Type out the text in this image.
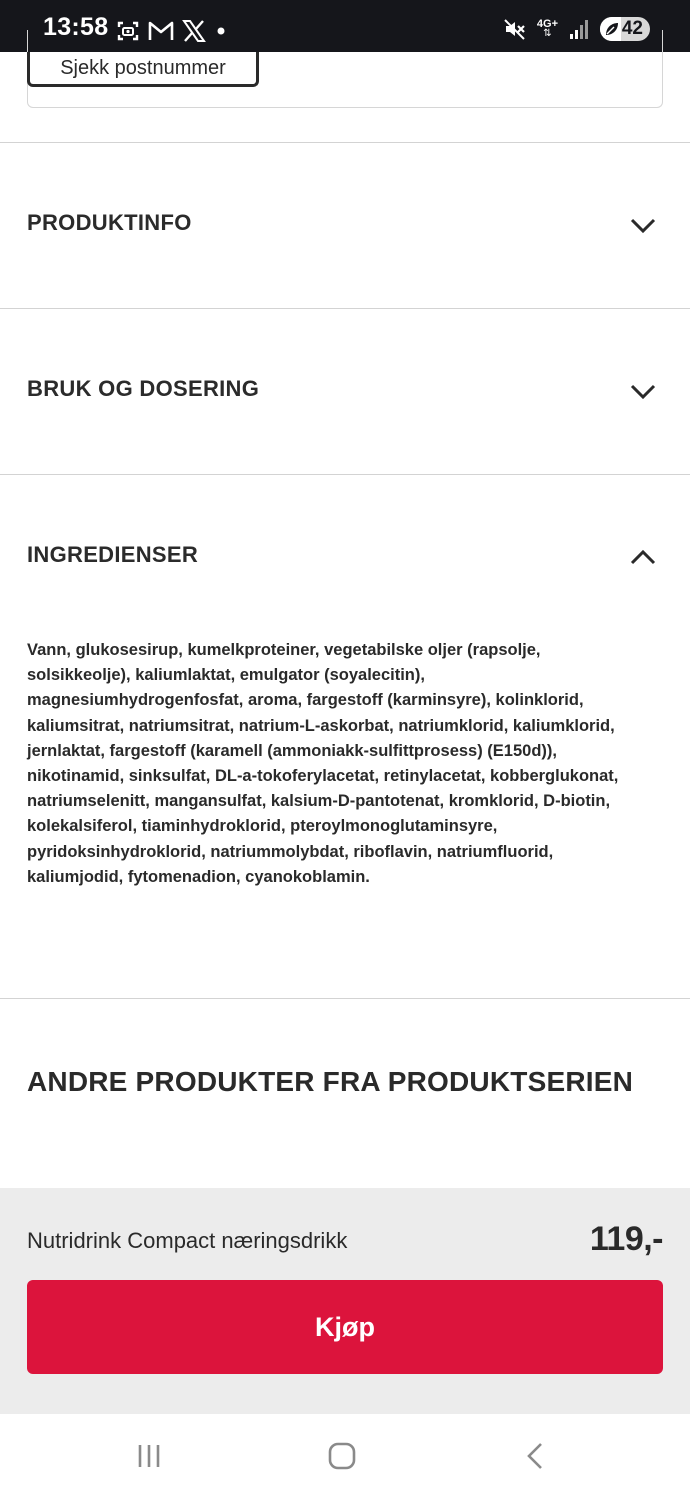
13:58	4G+
⇅	42
Sjekk postnummer
PRODUKTINFO
BRUK OG DOSERING
INGREDIENSER
Vann, glukosesirup, kumelkproteiner, vegetabilske oljer (rapsolje,
solsikkeolje), kaliumlaktat, emulgator (soyalecitin),
magnesiumhydrogenfosfat, aroma, fargestoff (karminsyre), kolinklorid,
kaliumsitrat, natriumsitrat, natrium-L-askorbat, natriumklorid, kaliumklorid,
jernlaktat, fargestoff (karamell (ammoniakk-sulfittprosess) (E150d)),
nikotinamid, sinksulfat, DL-a-tokoferylacetat, retinylacetat, kobberglukonat,
natriumselenitt, mangansulfat, kalsium-D-pantotenat, kromklorid, D-biotin,
kolekalsiferol, tiaminhydroklorid, pteroylmonoglutaminsyre,
pyridoksinhydroklorid, natriummolybdat, riboflavin, natriumfluorid,
kaliumjodid, fytomenadion, cyanokoblamin.
ANDRE PRODUKTER FRA PRODUKTSERIEN
Nutridrink Compact næringsdrikk	119,-
Kjøp
